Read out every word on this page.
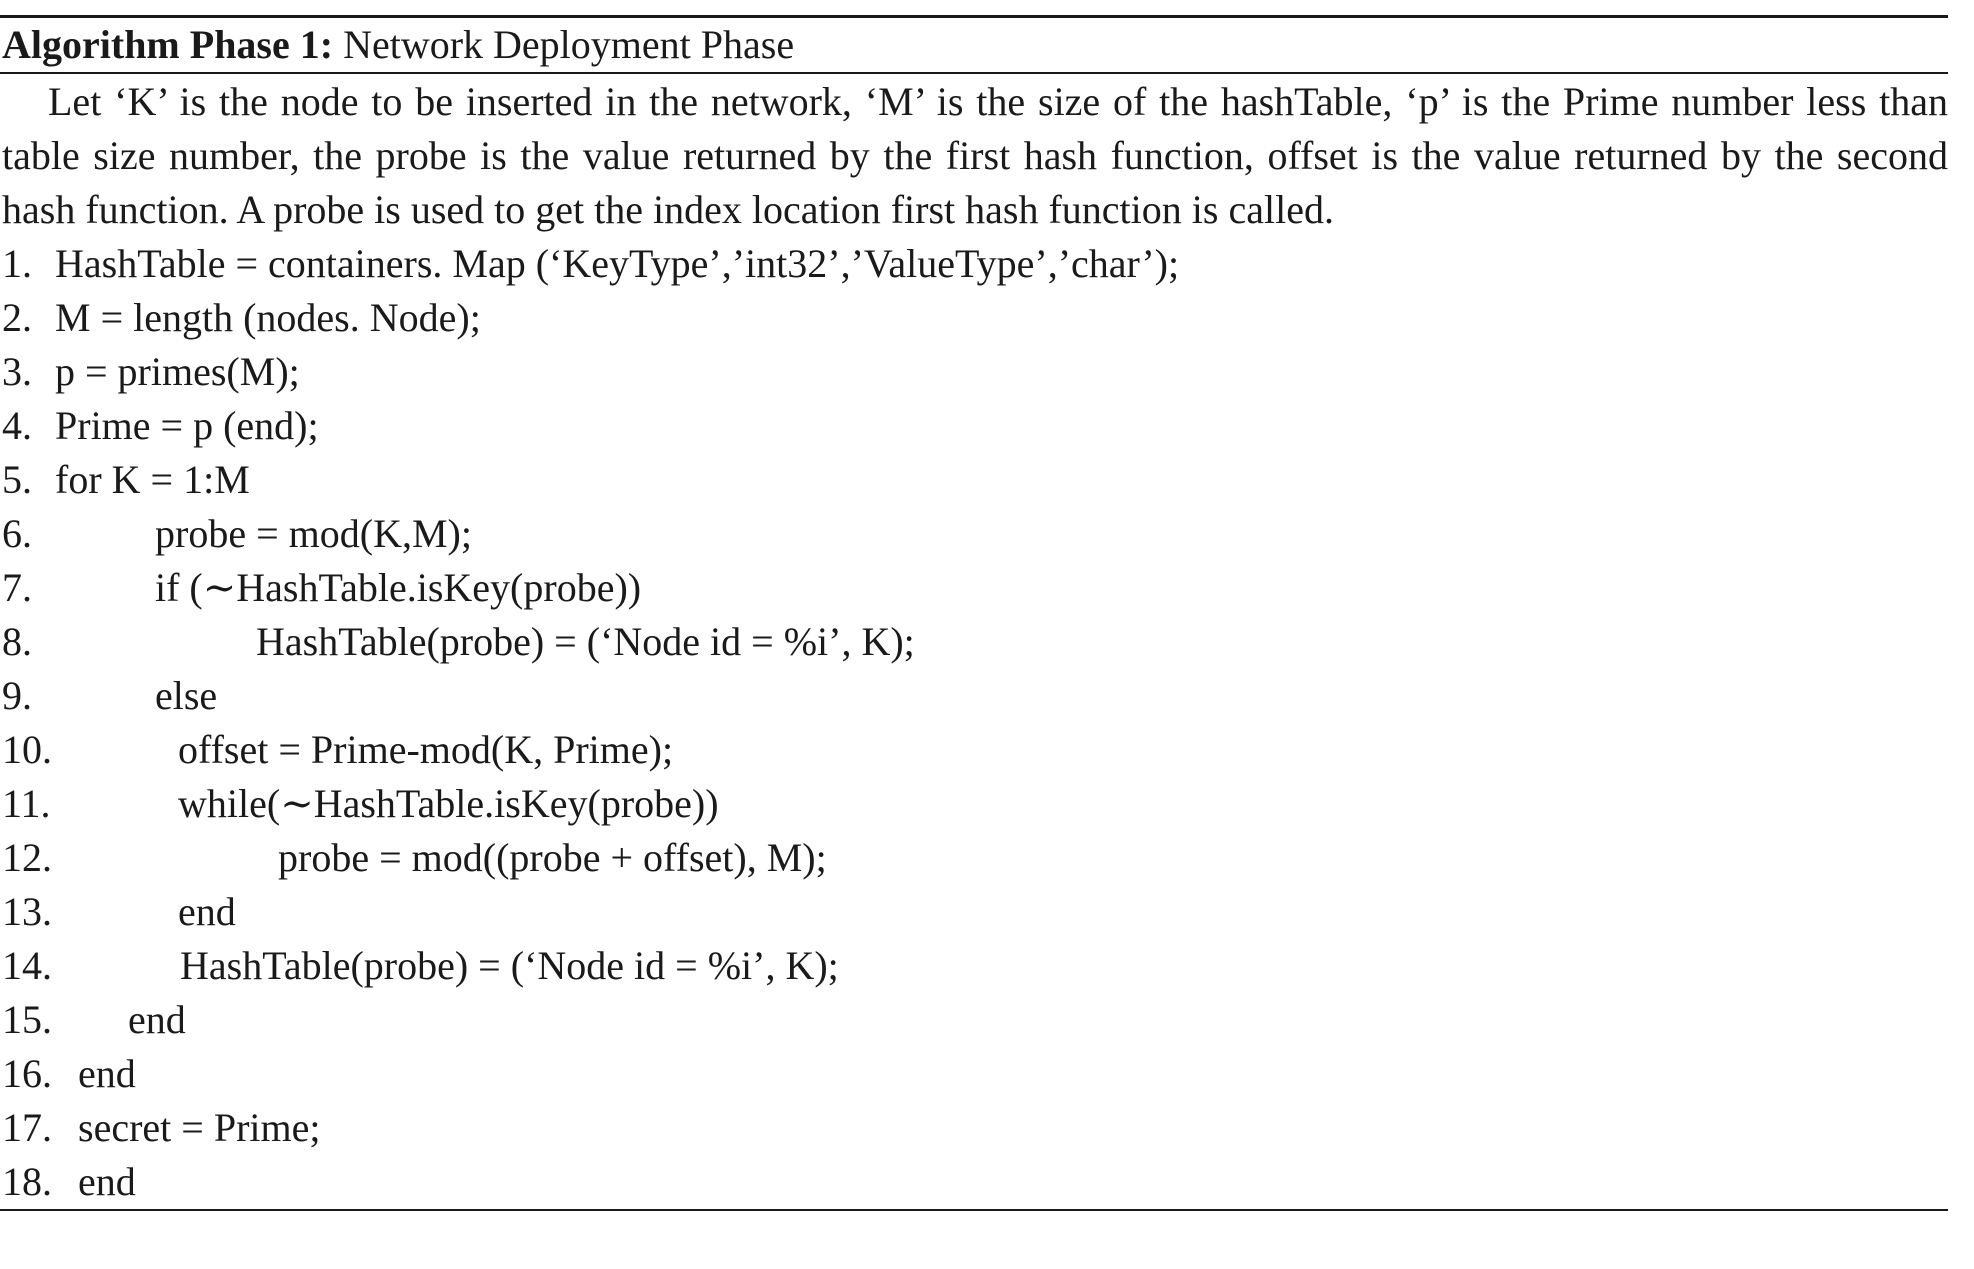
Algorithm Phase 1: Network Deployment Phase
Let ‘K’ is the node to be inserted in the network, ‘M’ is the size of the hashTable, ‘p’ is the Prime number less than table size number, the probe is the value returned by the first hash function, offset is the value returned by the second hash function. A probe is used to get the index location first hash function is called.
1. HashTable = containers. Map (‘KeyType’,’int32’,’ValueType’,’char’);
2. M = length (nodes. Node);
3. p = primes(M);
4. Prime = p (end);
5. for K = 1:M
6.	probe = mod(K,M);
7.	if (∼HashTable.isKey(probe))
8.	HashTable(probe) = (‘Node id = %i’, K);
9.	else
10.	offset = Prime-mod(K, Prime);
11.	while(∼HashTable.isKey(probe))
12.	probe = mod((probe + offset), M);
13.	end
14.	HashTable(probe) = (‘Node id = %i’, K);
15. end
16. end
17. secret = Prime;
18. end
